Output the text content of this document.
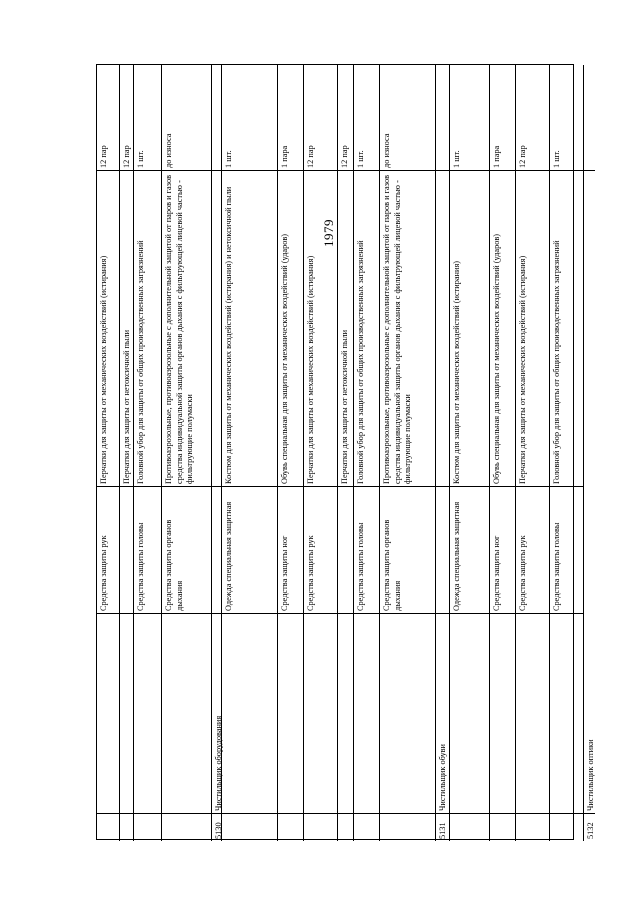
1979
Средства защиты рук
Перчатки для защиты от механических воздействий (истирания)
12 пар
Перчатки для защиты от нетоксичной пыли
12 пар
Средства защиты головы
Головной убор для защиты от общих производственных загрязнений
1 шт.
Средства защиты органов дыхания
Противоаэрозольные, противоаэрозольные с дополнительной защитой от паров и газов средства индивидуальной защиты органов дыхания с фильтрующей лицевой частью - фильтрующие полумаски
до износа
5130
Чистильщик оборудования
Одежда специальная защитная
Костюм для защиты от механических воздействий (истирания) и нетоксичной пыли
1 шт.
Средства защиты ног
Обувь специальная для защиты от механических воздействий (ударов)
1 пара
Средства защиты рук
Перчатки для защиты от механических воздействий (истирания)
12 пар
Перчатки для защиты от нетоксичной пыли
12 пар
Средства защиты головы
Головной убор для защиты от общих производственных загрязнений
1 шт.
Средства защиты органов дыхания
Противоаэрозольные, противоаэрозольные с дополнительной защитой от паров и газов средства индивидуальной защиты органов дыхания с фильтрующей лицевой частью - фильтрующие полумаски
до износа
5131
Чистильщик обуви
Одежда специальная защитная
Костюм для защиты от механических воздействий (истирания)
1 шт.
Средства защиты ног
Обувь специальная для защиты от механических воздействий (ударов)
1 пара
Средства защиты рук
Перчатки для защиты от механических воздействий (истирания)
12 пар
Средства защиты головы
Головной убор для защиты от общих производственных загрязнений
1 шт.
5132
Чистильщик оптики
